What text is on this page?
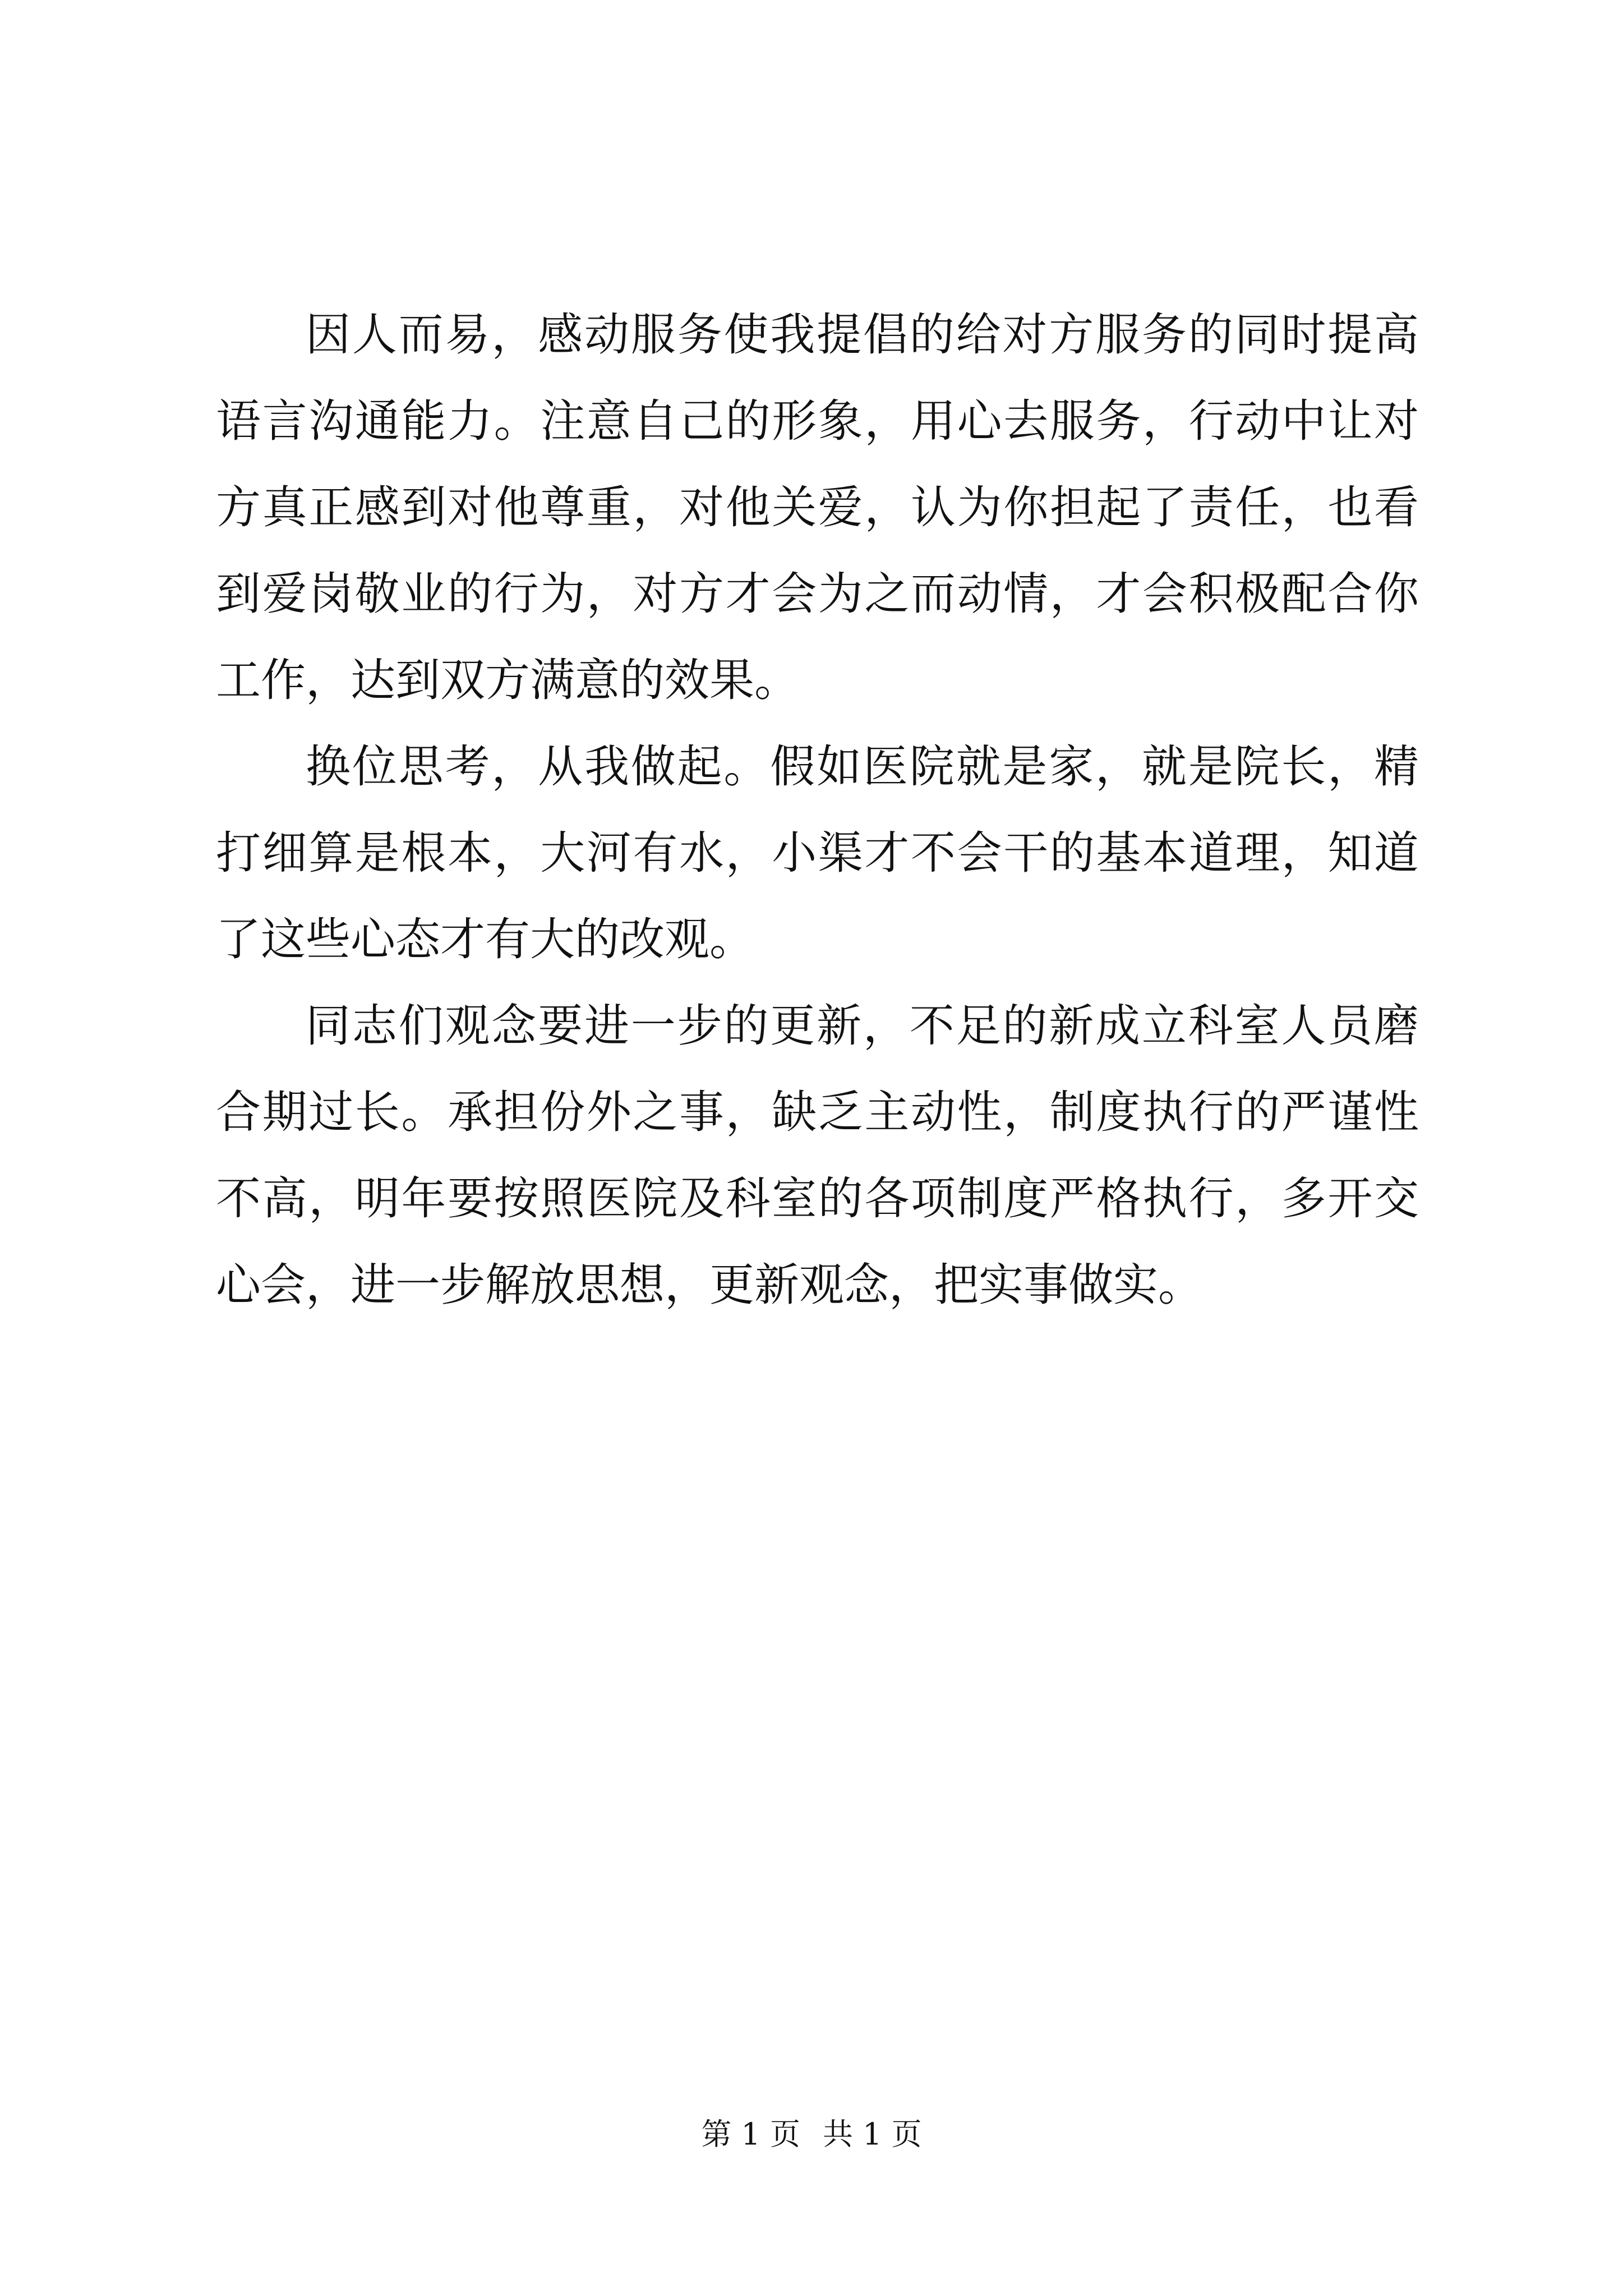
因人而易，感动服务使我提倡的给对方服务的同时提高语言沟通能力。注意自己的形象，用心去服务，行动中让对方真正感到对他尊重，对他关爱，认为你担起了责任，也看到爱岗敬业的行为，对方才会为之而动情，才会积极配合你工作，达到双方满意的效果。

换位思考，从我做起。假如医院就是家，就是院长，精打细算是根本，大河有水，小渠才不会干的基本道理，知道了这些心态才有大的改观。

同志们观念要进一步的更新，不足的新成立科室人员磨合期过长。承担份外之事，缺乏主动性，制度执行的严谨性不高，明年要按照医院及科室的各项制度严格执行，多开交心会，进一步解放思想，更新观念，把实事做实。

第 1 页 共 1 页
